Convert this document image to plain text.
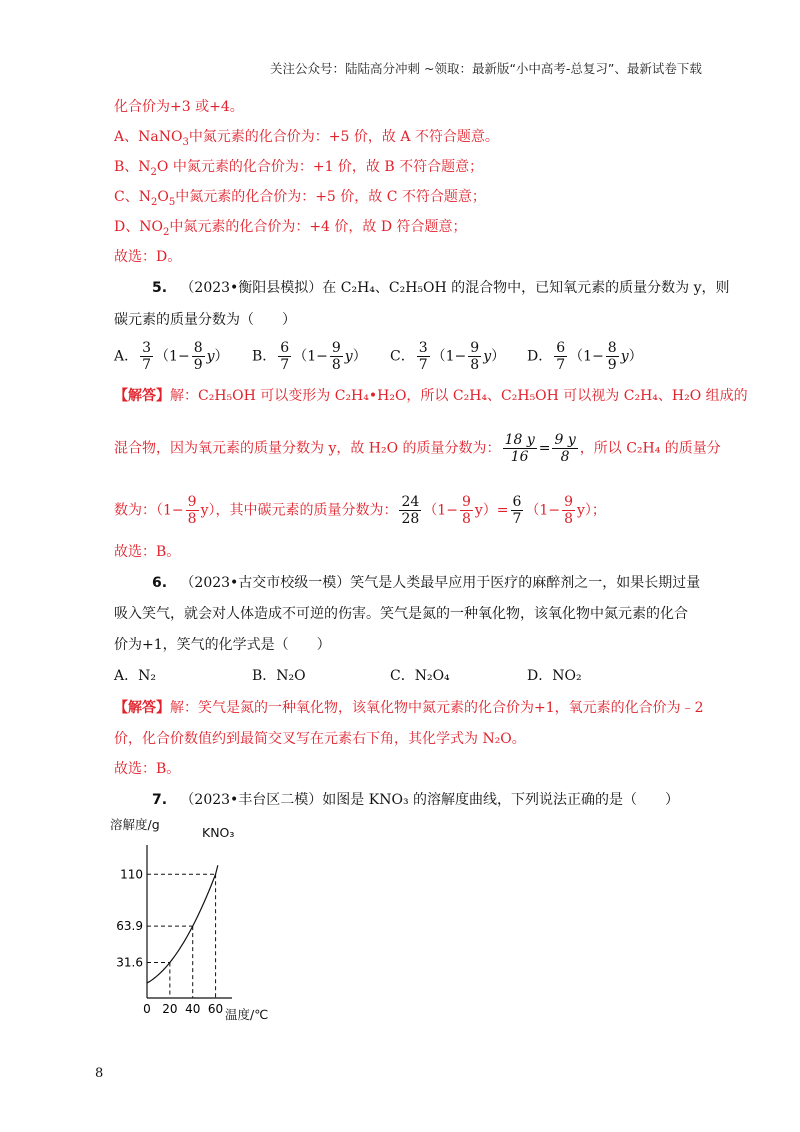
关注公众号：陆陆高分冲刺 ~领取：最新版“小中高考-总复习”、最新试卷下载
化合价为+3 或+4。
A、NaNO$_3$中氮元素的化合价为：+5 价，故 A 不符合题意。
B、$N_2O$ 中氮元素的化合价为：+1 价，故 B 不符合题意；
C、$N_2O_5$中氮元素的化合价为：+5 价，故 C 不符合题意；
D、$NO_2$中氮元素的化合价为：+4 价，故 D 符合题意；
故选：D。
5. （2023•衡阳县模拟）在 C₂H₄、C₂H₅OH 的混合物中，已知氧元素的质量分数为 y，则
碳元素的质量分数为（　　）
A． $\frac{3}{7} (1- \frac{8}{9} y)$ B． $\frac{6}{7} (1- \frac{9}{8} y)$ C． $\frac{3}{7} (1- \frac{9}{8} y)$ D． $\frac{6}{7} (1- \frac{8}{9} y)$
【解答】解：C₂H₅OH 可以变形为 C₂H₄•H₂O，所以 C₂H₄、C₂H₅OH 可以视为 C₂H₄、H₂O 组成的
混合物，因为氧元素的质量分数为 y，故 H₂O 的质量分数为： $\frac{18 y}{16} = \frac{9 y}{8}$ ，所以 C₂H₄ 的质量分
数为：$(1- \frac{9}{8} y)$，其中碳元素的质量分数为： $\frac{24}{28} (1- \frac{9}{8} y)= \frac{6}{7} (1- \frac{9}{8} y)$；
故选：B。
6. （2023•古交市校级一模）笑气是人类最早应用于医疗的麻醉剂之一，如果长期过量
吸入笑气，就会对人体造成不可逆的伤害。笑气是氮的一种氧化物，该氧化物中氮元素的化合
价为+1，笑气的化学式是（　　）
A．N₂	B．N₂O	C．N₂O₄	D．NO₂
【解答】解：笑气是氮的一种氧化物，该氧化物中氮元素的化合价为+1，氧元素的化合价为﹣2
价，化合价数值约到最简交叉写在元素右下角，其化学式为 N₂O。
故选：B。
7. （2023•丰台区二模）如图是 KNO₃ 的溶解度曲线，下列说法正确的是（　　）
31.6
63.9
110
0 20 40 60
溶解度/g
KNO₃
温度/℃
8
